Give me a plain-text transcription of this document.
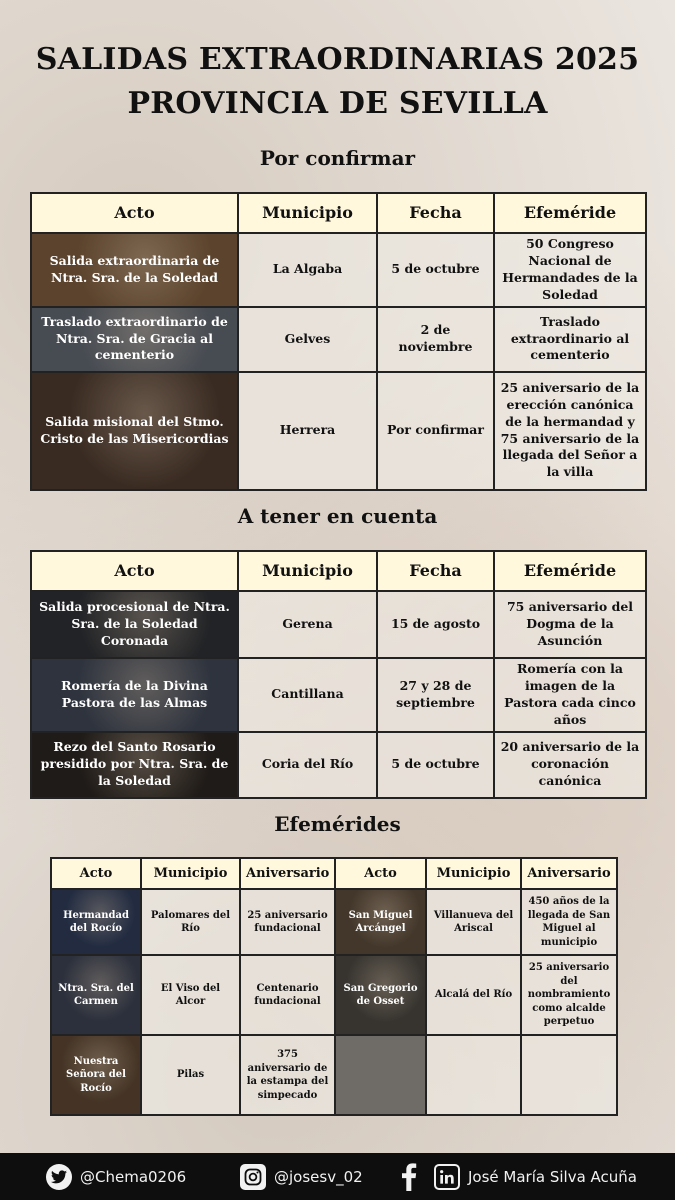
SALIDAS EXTRAORDINARIAS 2025
PROVINCIA DE SEVILLA
Por confirmar
Acto	Municipio	Fecha	Efeméride
Salida extraordinaria de Ntra. Sra. de la Soledad	La Algaba	5 de octubre	50 Congreso Nacional de Hermandades de la Soledad
Traslado extraordinario de Ntra. Sra. de Gracia al cementerio	Gelves	2 de noviembre	Traslado extraordinario al cementerio
Salida misional del Stmo. Cristo de las Misericordias	Herrera	Por confirmar	25 aniversario de la erección canónica de la hermandad y 75 aniversario de la llegada del Señor a la villa
A tener en cuenta
Acto	Municipio	Fecha	Efeméride
Salida procesional de Ntra. Sra. de la Soledad Coronada	Gerena	15 de agosto	75 aniversario del Dogma de la Asunción
Romería de la Divina Pastora de las Almas	Cantillana	27 y 28 de septiembre	Romería con la imagen de la Pastora cada cinco años
Rezo del Santo Rosario presidido por Ntra. Sra. de la Soledad	Coria del Río	5 de octubre	20 aniversario de la coronación canónica
Efemérides
Acto	Municipio	Aniversario	Acto	Municipio	Aniversario
Hermandad del Rocío	Palomares del Río	25 aniversario fundacional	San Miguel Arcángel	Villanueva del Ariscal	450 años de la llegada de San Miguel al municipio
Ntra. Sra. del Carmen	El Viso del Alcor	Centenario fundacional	San Gregorio de Osset	Alcalá del Río	25 aniversario del nombramiento como alcalde perpetuo
Nuestra Señora del Rocío	Pilas	375 aniversario de la estampa del simpecado			
@Chema0206	@josesv_02	José María Silva Acuña
